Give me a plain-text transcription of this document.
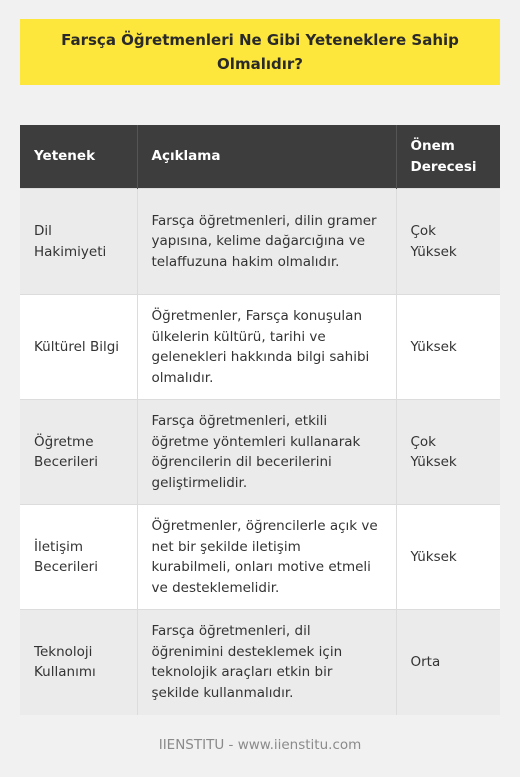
Farsça Öğretmenleri Ne Gibi Yeteneklere Sahip Olmalıdır?
Yetenek	Açıklama	Önem Derecesi
Dil Hakimiyeti	Farsça öğretmenleri, dilin gramer yapısına, kelime dağarcığına ve telaffuzuna hakim olmalıdır.	Çok Yüksek
Kültürel Bilgi	Öğretmenler, Farsça konuşulan ülkelerin kültürü, tarihi ve gelenekleri hakkında bilgi sahibi olmalıdır.	Yüksek
Öğretme Becerileri	Farsça öğretmenleri, etkili öğretme yöntemleri kullanarak öğrencilerin dil becerilerini geliştirmelidir.	Çok Yüksek
İletişim Becerileri	Öğretmenler, öğrencilerle açık ve net bir şekilde iletişim kurabilmeli, onları motive etmeli ve desteklemelidir.	Yüksek
Teknoloji Kullanımı	Farsça öğretmenleri, dil öğrenimini desteklemek için teknolojik araçları etkin bir şekilde kullanmalıdır.	Orta
IIENSTITU - www.iienstitu.com
